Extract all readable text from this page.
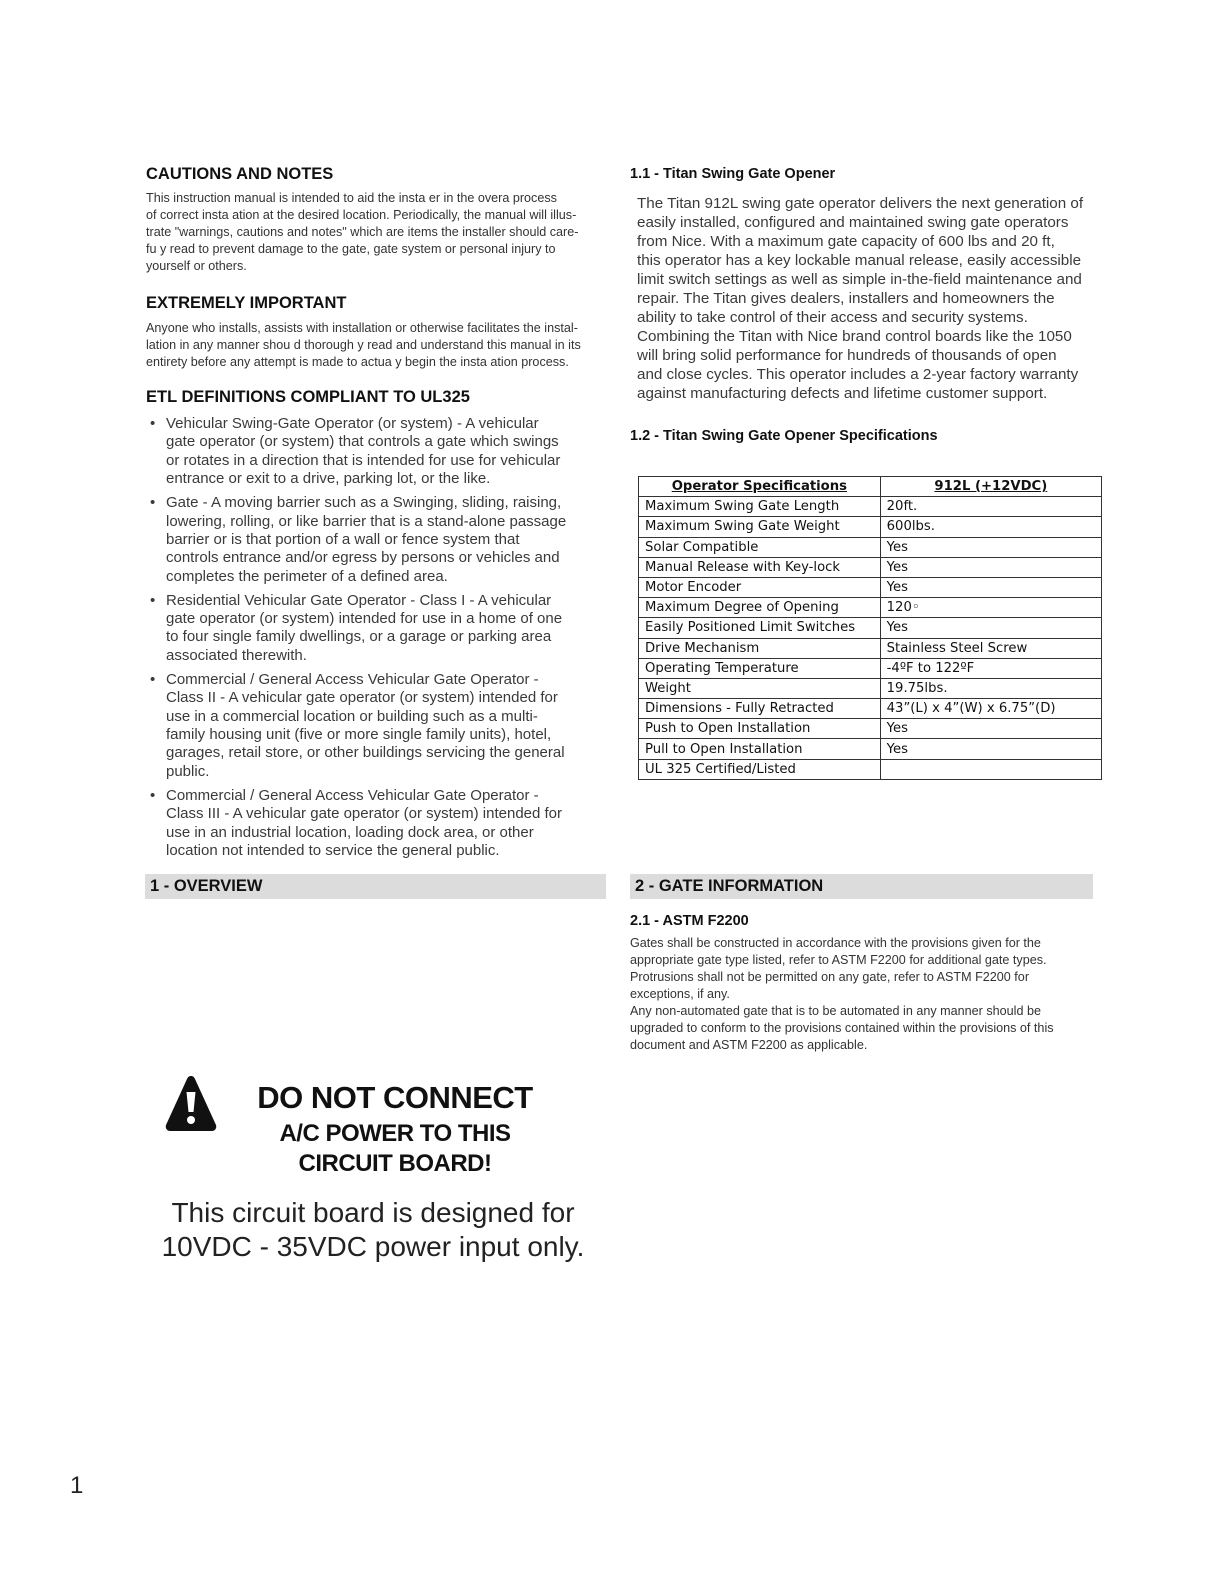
CAUTIONS AND NOTES

This instruction manual is intended to aid the insta er in the overa process

of correct insta ation at the desired location. Periodically, the manual will illus-

trate "warnings, cautions and notes" which are items the installer should care-

fu y read to prevent damage to the gate, gate system or personal injury to

yourself or others.

EXTREMELY IMPORTANT

Anyone who installs, assists with installation or otherwise facilitates the instal-

lation in any manner shou d thorough y read and understand this manual in its

entirety before any attempt is made to actua y begin the insta ation process.

ETL DEFINITIONS COMPLIANT TO UL325
• Vehicular Swing-Gate Operator (or system) - A vehicular
gate operator (or system) that controls a gate which swings
or rotates in a direction that is intended for use for vehicular
entrance or exit to a drive, parking lot, or the like.
• Gate - A moving barrier such as a Swinging, sliding, raising,
lowering, rolling, or like barrier that is a stand-alone passage
barrier or is that portion of a wall or fence system that
controls entrance and/or egress by persons or vehicles and
completes the perimeter of a defined area.
• Residential Vehicular Gate Operator - Class I - A vehicular
gate operator (or system) intended for use in a home of one
to four single family dwellings, or a garage or parking area
associated therewith.
• Commercial / General Access Vehicular Gate Operator -
Class II - A vehicular gate operator (or system) intended for
use in a commercial location or building such as a multi-
family housing unit (five or more single family units), hotel,
garages, retail store, or other buildings servicing the general
public.
• Commercial / General Access Vehicular Gate Operator -
Class III - A vehicular gate operator (or system) intended for
use in an industrial location, loading dock area, or other
location not intended to service the general public.
1 - OVERVIEW
DO NOT CONNECT
A/C POWER TO THIS
CIRCUIT BOARD!
This circuit board is designed for
10VDC - 35VDC power input only.
1.1 - Titan Swing Gate Opener

The Titan 912L swing gate operator delivers the next generation of

easily installed, configured and maintained swing gate operators

from Nice. With a maximum gate capacity of 600 lbs and 20 ft,

this operator has a key lockable manual release, easily accessible

limit switch settings as well as simple in-the-field maintenance and

repair. The Titan gives dealers, installers and homeowners the

ability to take control of their access and security systems.

Combining the Titan with Nice brand control boards like the 1050

will bring solid performance for hundreds of thousands of open

and close cycles. This operator includes a 2-year factory warranty

against manufacturing defects and lifetime customer support.

1.2 - Titan Swing Gate Opener Specifications
Operator Specifications	912L (+12VDC)
Maximum Swing Gate Length	20ft.
Maximum Swing Gate Weight	600lbs.
Solar Compatible	Yes
Manual Release with Key-lock	Yes
Motor Encoder	Yes
Maximum Degree of Opening	120◦
Easily Positioned Limit Switches	Yes
Drive Mechanism	Stainless Steel Screw
Operating Temperature	-4ºF to 122ºF
Weight	19.75lbs.
Dimensions - Fully Retracted	43”(L) x 4”(W) x 6.75”(D)
Push to Open Installation	Yes
Pull to Open Installation	Yes
UL 325 Certified/Listed	
2 - GATE INFORMATION
2.1 - ASTM F2200

Gates shall be constructed in accordance with the provisions given for the

appropriate gate type listed, refer to ASTM F2200 for additional gate types.

Protrusions shall not be permitted on any gate, refer to ASTM F2200 for

exceptions, if any.

Any non-automated gate that is to be automated in any manner should be

upgraded to conform to the provisions contained within the provisions of this

document and ASTM F2200 as applicable.

1
